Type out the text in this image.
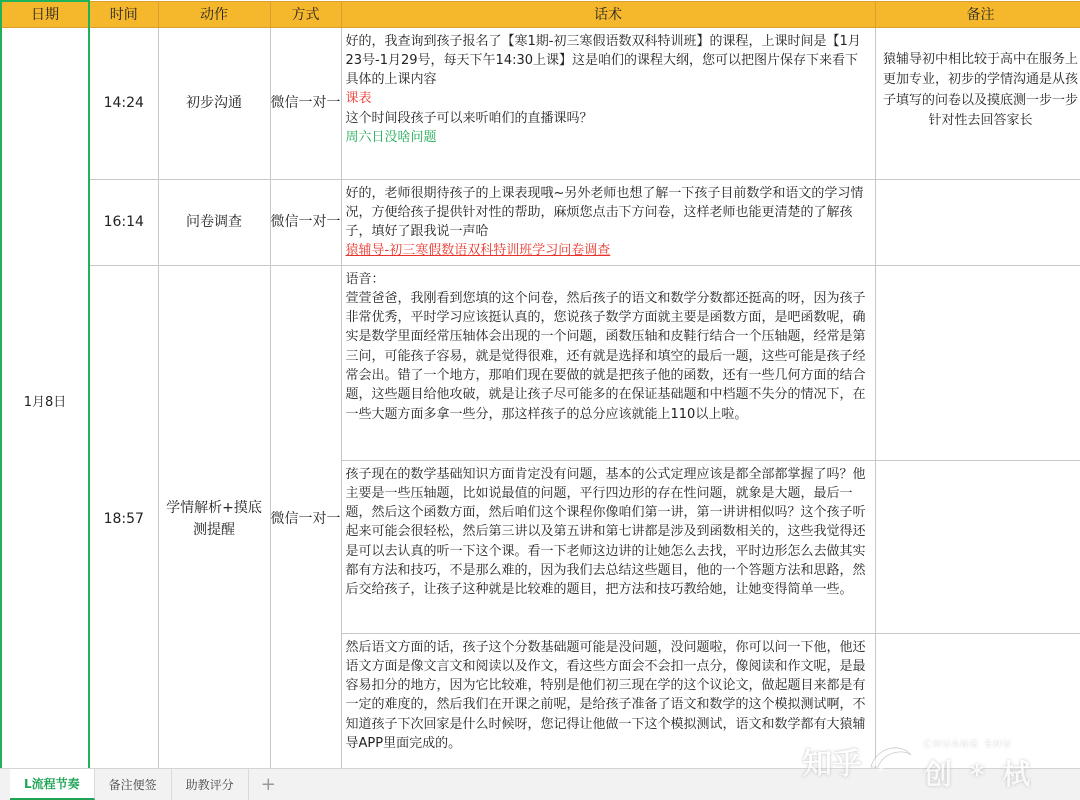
日期	时间	动作	方式	话术	备注
1月8日	14:24	初步沟通	微信一对一	好的，我查询到孩子报名了【寒1期-初三寒假语数双科特训班】的课程，上课时间是【1月23号-1月29号，每天下午14:30上课】这是咱们的课程大纲，您可以把图片保存下来看下具体的上课内容
课表
这个时间段孩子可以来听咱们的直播课吗？
周六日没啥问题	猿辅导初中相比较于高中在服务上更加专业，初步的学情沟通是从孩子填写的问卷以及摸底测一步一步针对性去回答家长

	16:14	问卷调查	微信一对一	好的，老师很期待孩子的上课表现哦~另外老师也想了解一下孩子目前数学和语文的学习情况，方便给孩子提供针对性的帮助，麻烦您点击下方问卷，这样老师也能更清楚的了解孩子，填好了跟我说一声哈
猿辅导-初三寒假数语双科特训班学习问卷调查	

	18:57	学情解析+摸底测提醒	微信一对一	语音：
萱萱爸爸，我刚看到您填的这个问卷，然后孩子的语文和数学分数都还挺高的呀，因为孩子非常优秀，平时学习应该挺认真的，您说孩子数学方面就主要是函数方面，是吧函数呢，确实是数学里面经常压轴体会出现的一个问题，函数压轴和皮鞋行结合一个压轴题，经常是第三问，可能孩子容易，就是觉得很难，还有就是选择和填空的最后一题，这些可能是孩子经常会出。错了一个地方，那咱们现在要做的就是把孩子他的函数，还有一些几何方面的结合题，这些题目给他攻破，就是让孩子尽可能多的在保证基础题和中档题不失分的情况下，在一些大题方面多拿一些分，那这样孩子的总分应该就能上110以上啦。	
				孩子现在的数学基础知识方面肯定没有问题，基本的公式定理应该是都全部都掌握了吗？他主要是一些压轴题，比如说最值的问题，平行四边形的存在性问题，就象是大题，最后一题，然后这个函数方面，然后咱们这个课程你像咱们第一讲，第一讲讲相似吗？这个孩子听起来可能会很轻松，然后第三讲以及第五讲和第七讲都是涉及到函数相关的，这些我觉得还是可以去认真的听一下这个课。看一下老师这边讲的让她怎么去找，平时边形怎么去做其实都有方法和技巧，不是那么难的，因为我们去总结这些题目，他的一个答题方法和思路，然后交给孩子，让孩子这种就是比较难的题目，把方法和技巧教给她，让她变得简单一些。	
				然后语文方面的话，孩子这个分数基础题可能是没问题，没问题啦，你可以问一下他，他还语文方面是像文言文和阅读以及作文，看这些方面会不会扣一点分，像阅读和作文呢，是最容易扣分的地方，因为它比较难，特别是他们初三现在学的这个议论文，做起题目来都是有一定的难度的，然后我们在开课之前呢，是给孩子准备了语文和数学的这个模拟测试啊，不知道孩子下次回家是什么时候呀，您记得让他做一下这个模拟测试，语文和数学都有大猿辅导APP里面完成的。	
L流程节奏	备注便签	助教评分	+
知乎
CHUANG SHU
创 * 栻
